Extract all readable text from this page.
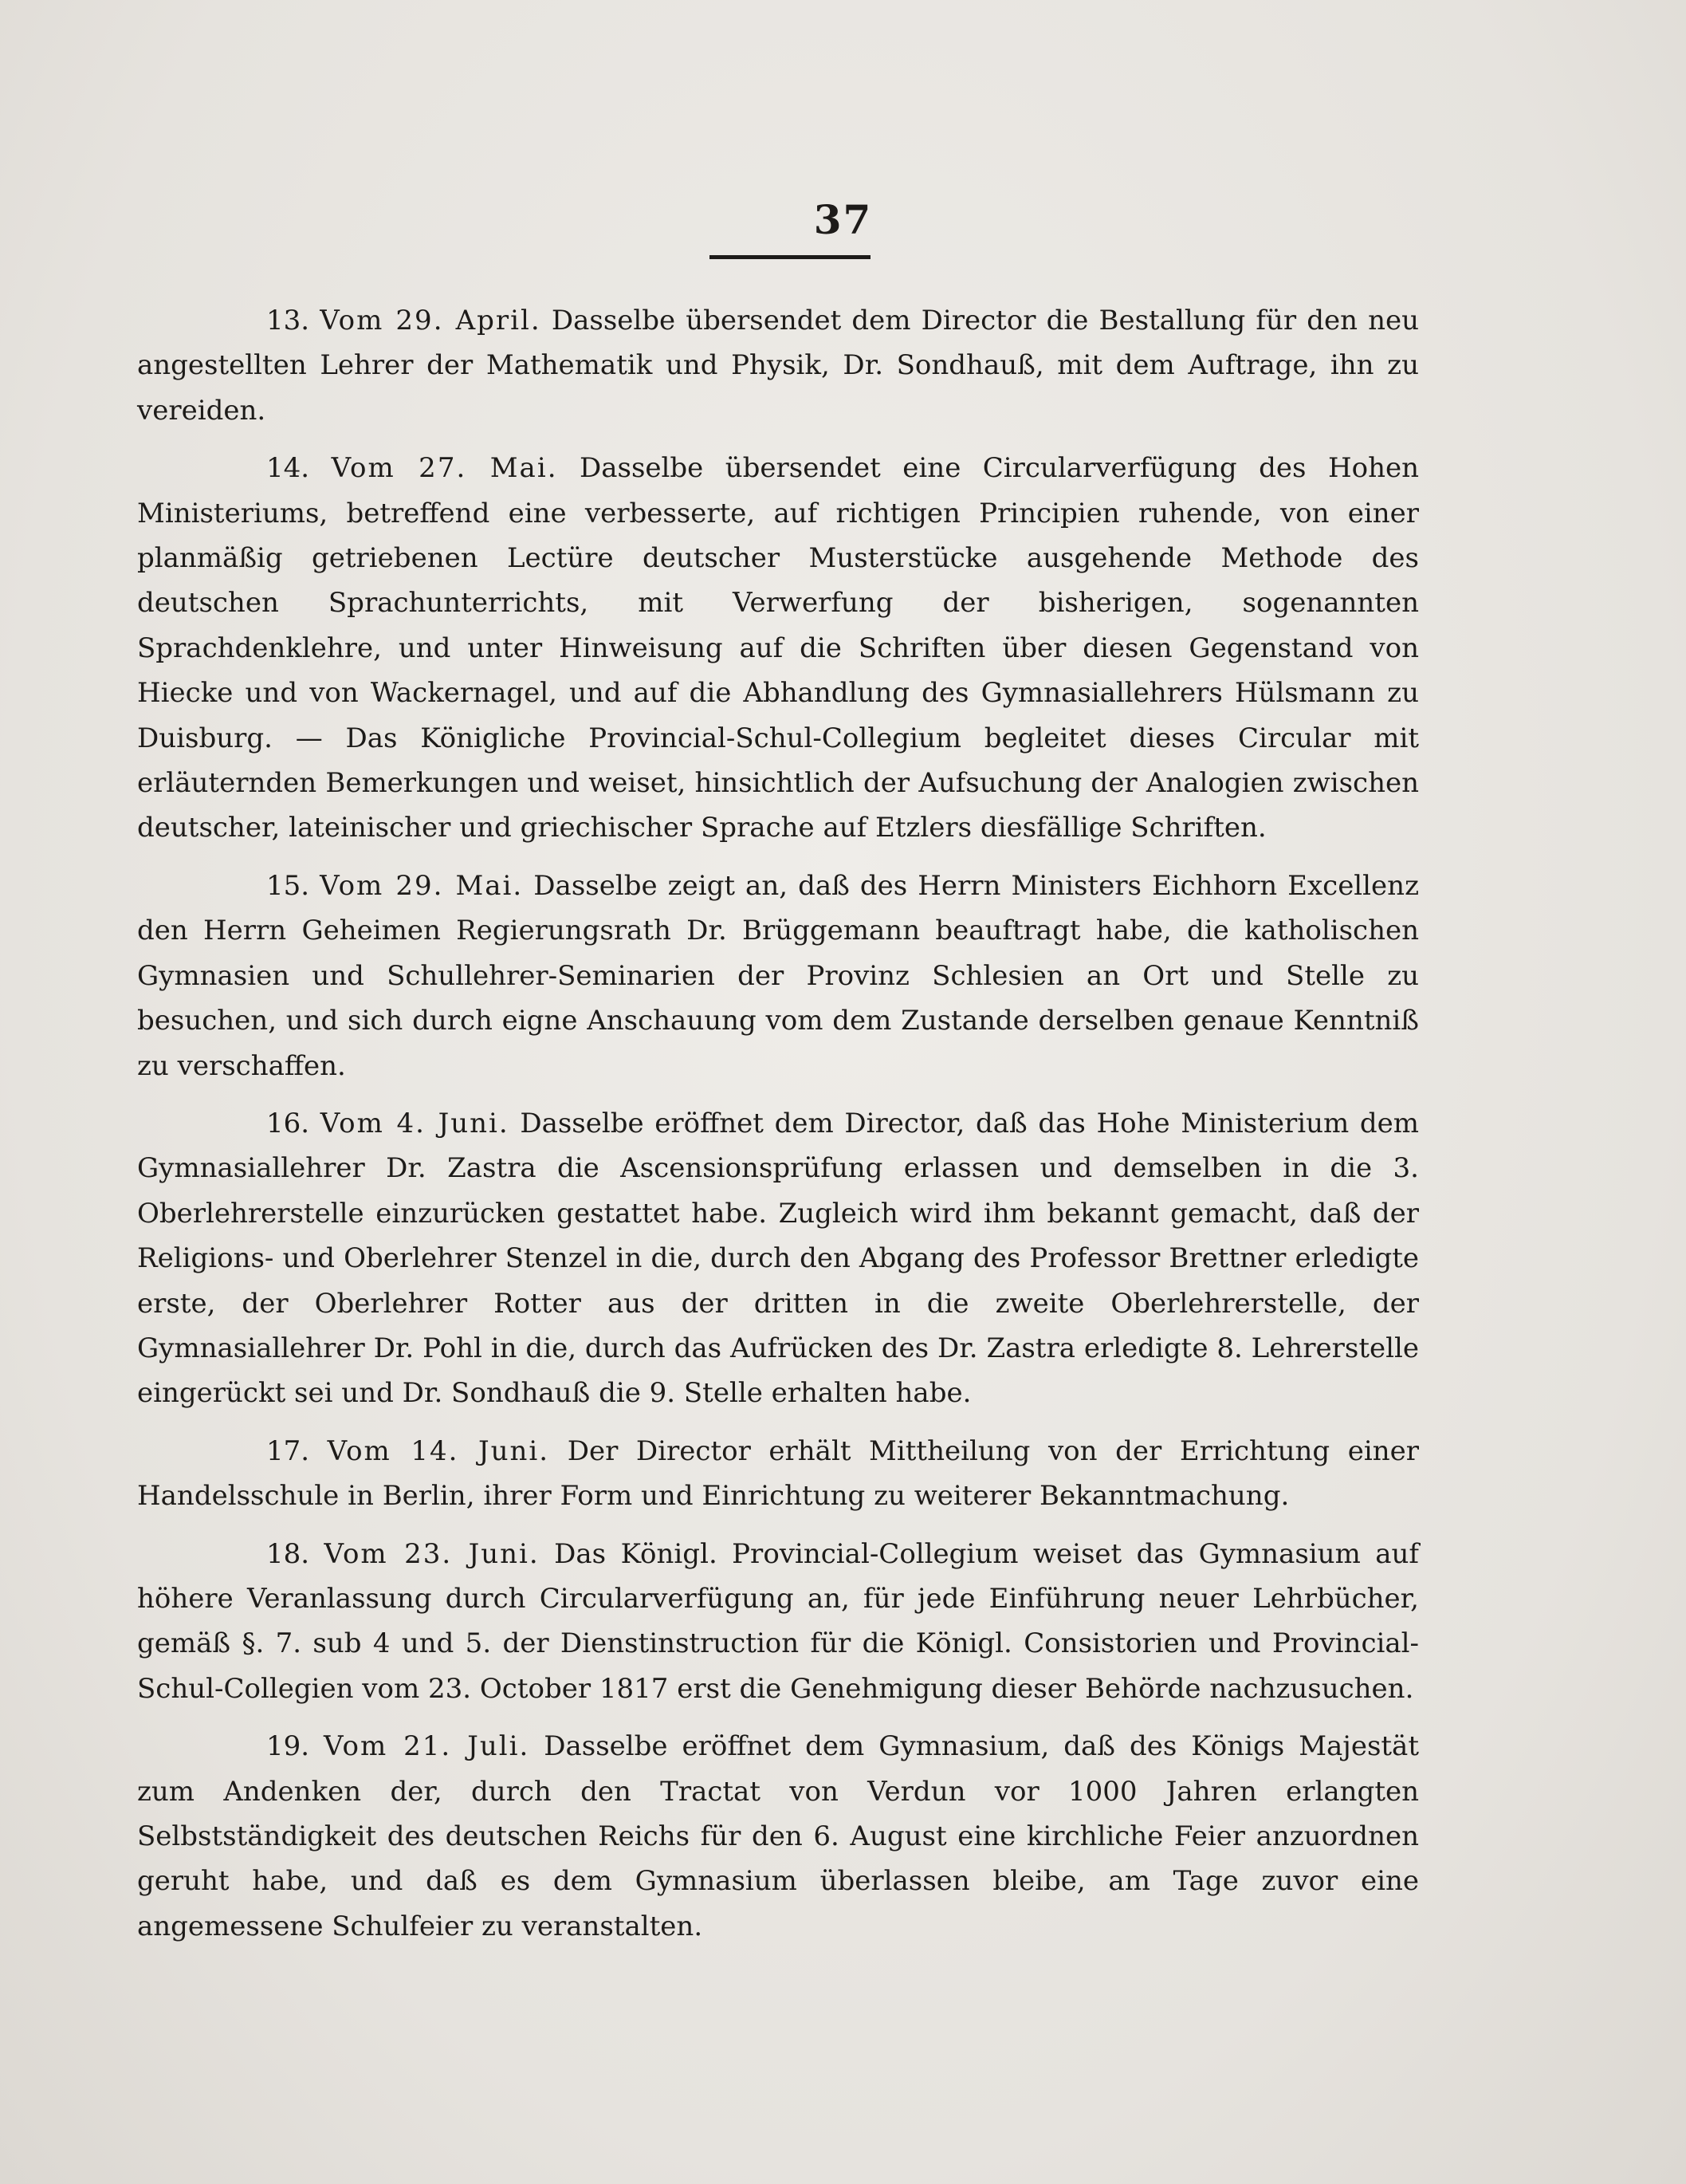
37

13. Vom 29. April. Dasselbe übersendet dem Director die Bestallung für den neu angestellten Lehrer der Mathematik und Physik, Dr. Sondhauß, mit dem Auftrage, ihn zu vereiden.

14. Vom 27. Mai. Dasselbe übersendet eine Circularverfügung des Hohen Ministeriums, betreffend eine verbesserte, auf richtigen Principien ruhende, von einer planmäßig getriebenen Lectüre deutscher Musterstücke ausgehende Methode des deutschen Sprachunterrichts, mit Verwerfung der bisherigen, sogenannten Sprachdenklehre, und unter Hinweisung auf die Schriften über diesen Gegenstand von Hiecke und von Wackernagel, und auf die Abhandlung des Gymnasiallehrers Hülsmann zu Duisburg. — Das Königliche Provincial-Schul-Collegium begleitet dieses Circular mit erläuternden Bemerkungen und weiset, hinsichtlich der Aufsuchung der Analogien zwischen deutscher, lateinischer und griechischer Sprache auf Etzlers diesfällige Schriften.

15. Vom 29. Mai. Dasselbe zeigt an, daß des Herrn Ministers Eichhorn Excellenz den Herrn Geheimen Regierungsrath Dr. Brüggemann beauftragt habe, die katholischen Gymnasien und Schullehrer-Seminarien der Provinz Schlesien an Ort und Stelle zu besuchen, und sich durch eigne Anschauung vom dem Zustande derselben genaue Kenntniß zu verschaffen.

16. Vom 4. Juni. Dasselbe eröffnet dem Director, daß das Hohe Ministerium dem Gymnasiallehrer Dr. Zastra die Ascensionsprüfung erlassen und demselben in die 3. Oberlehrerstelle einzurücken gestattet habe. Zugleich wird ihm bekannt gemacht, daß der Religions- und Oberlehrer Stenzel in die, durch den Abgang des Professor Brettner erledigte erste, der Oberlehrer Rotter aus der dritten in die zweite Oberlehrerstelle, der Gymnasiallehrer Dr. Pohl in die, durch das Aufrücken des Dr. Zastra erledigte 8. Lehrerstelle eingerückt sei und Dr. Sondhauß die 9. Stelle erhalten habe.

17. Vom 14. Juni. Der Director erhält Mittheilung von der Errichtung einer Handelsschule in Berlin, ihrer Form und Einrichtung zu weiterer Bekanntmachung.

18. Vom 23. Juni. Das Königl. Provincial-Collegium weiset das Gymnasium auf höhere Veranlassung durch Circularverfügung an, für jede Einführung neuer Lehrbücher, gemäß §. 7. sub 4 und 5. der Dienstinstruction für die Königl. Consistorien und Provincial-Schul-Collegien vom 23. October 1817 erst die Genehmigung dieser Behörde nachzusuchen.

19. Vom 21. Juli. Dasselbe eröffnet dem Gymnasium, daß des Königs Majestät zum Andenken der, durch den Tractat von Verdun vor 1000 Jahren erlangten Selbstständigkeit des deutschen Reichs für den 6. August eine kirchliche Feier anzuordnen geruht habe, und daß es dem Gymnasium überlassen bleibe, am Tage zuvor eine angemessene Schulfeier zu veranstalten.
